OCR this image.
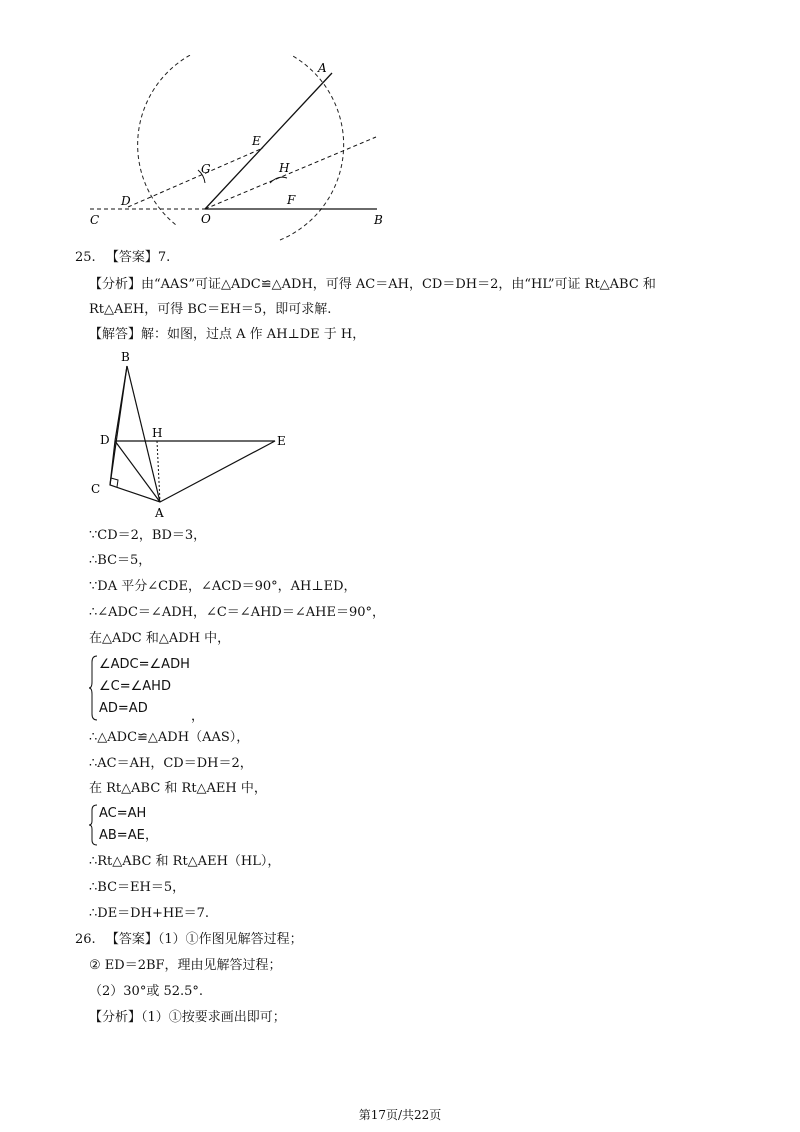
A
E
G	H
D	F
C	O	B
25. 【答案】7.
【分析】由“AAS”可证△ADC≌△ADH，可得 AC＝AH，CD＝DH＝2，由“HL”可证 Rt△ABC 和
Rt△AEH，可得 BC＝EH＝5，即可求解.
【解答】解：如图，过点 A 作 AH⊥DE 于 H，
B
D	H
E
C
A
∵CD＝2，BD＝3，
∴BC＝5，
∵DA 平分∠CDE，∠ACD＝90°，AH⊥ED，
∴∠ADC＝∠ADH，∠C＝∠AHD＝∠AHE＝90°，
在△ADC 和△ADH 中，
∠ADC=∠ADH
∠C=∠AHD
AD=AD
，
∴△ADC≌△ADH（AAS），
∴AC＝AH，CD＝DH＝2，
在 Rt△ABC 和 Rt△AEH 中，
AC=AH
AB=AE ，
∴Rt△ABC 和 Rt△AEH（HL），
∴BC＝EH＝5，
∴DE＝DH+HE＝7.
26. 【答案】（1）①作图见解答过程；
② ED＝2BF，理由见解答过程；
（2）30°或 52.5°.
【分析】（1）①按要求画出即可；
第17页/共22页
